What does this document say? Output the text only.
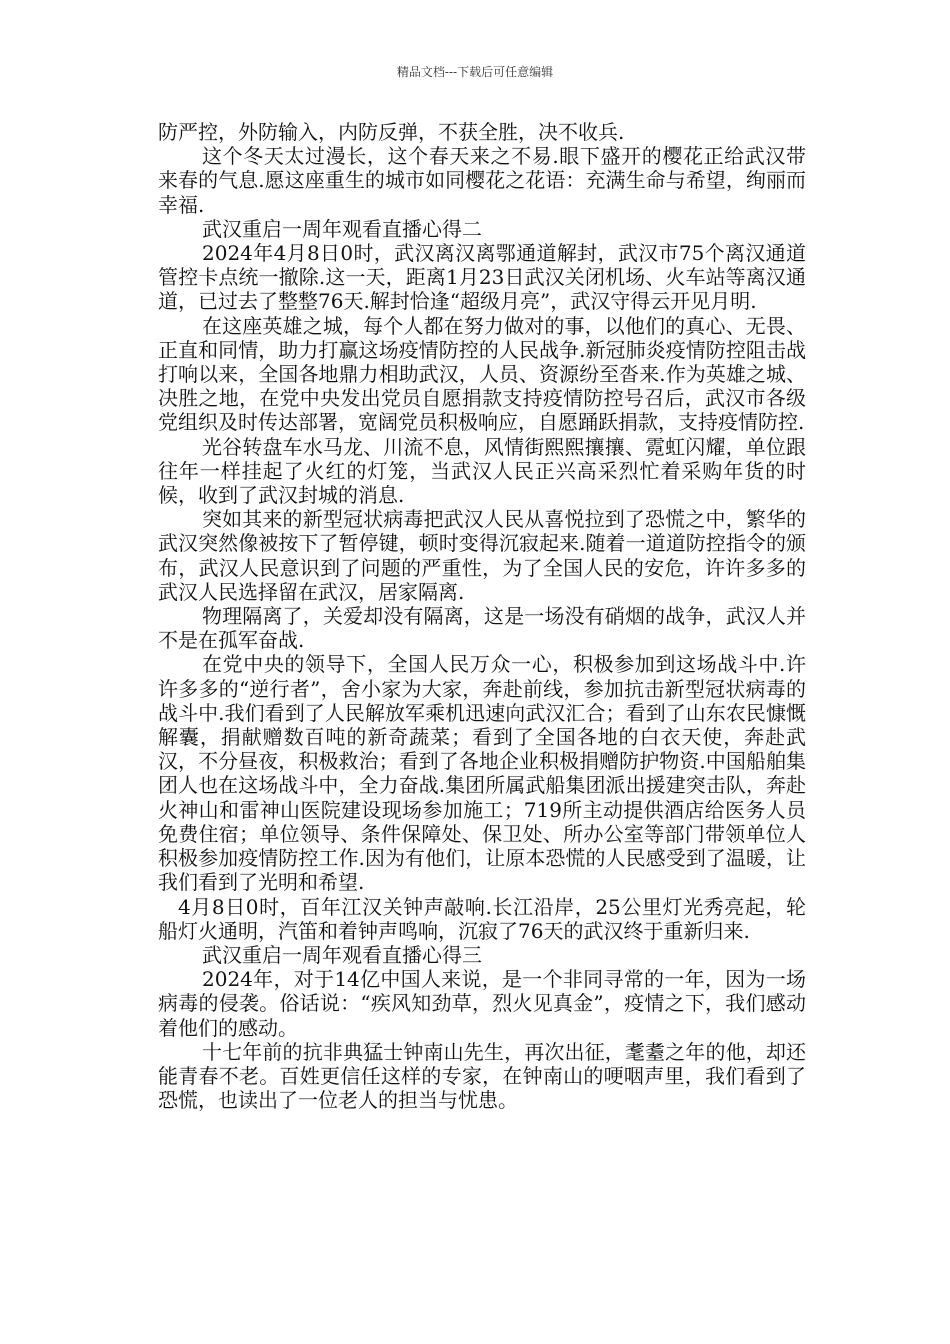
精品文档---下载后可任意编辑

防严控，外防输入，内防反弹，不获全胜，决不收兵.

这个冬天太过漫长，这个春天来之不易.眼下盛开的樱花正给武汉带来春的气息.愿这座重生的城市如同樱花之花语：充满生命与希望，绚丽而幸福.

武汉重启一周年观看直播心得二

2024年4月8日0时，武汉离汉离鄂通道解封，武汉市75个离汉通道管控卡点统一撤除.这一天，距离1月23日武汉关闭机场、火车站等离汉通道，已过去了整整76天.解封恰逢“超级月亮”，武汉守得云开见月明.

在这座英雄之城，每个人都在努力做对的事，以他们的真心、无畏、正直和同情，助力打赢这场疫情防控的人民战争.新冠肺炎疫情防控阻击战打响以来，全国各地鼎力相助武汉，人员、资源纷至沓来.作为英雄之城、决胜之地，在党中央发出党员自愿捐款支持疫情防控号召后，武汉市各级党组织及时传达部署，宽阔党员积极响应，自愿踊跃捐款，支持疫情防控.

光谷转盘车水马龙、川流不息，风情街熙熙攘攘、霓虹闪耀，单位跟往年一样挂起了火红的灯笼，当武汉人民正兴高采烈忙着采购年货的时候，收到了武汉封城的消息.

突如其来的新型冠状病毒把武汉人民从喜悦拉到了恐慌之中，繁华的武汉突然像被按下了暂停键，顿时变得沉寂起来.随着一道道防控指令的颁布，武汉人民意识到了问题的严重性，为了全国人民的安危，许许多多的武汉人民选择留在武汉，居家隔离.

物理隔离了，关爱却没有隔离，这是一场没有硝烟的战争，武汉人并不是在孤军奋战.

在党中央的领导下，全国人民万众一心，积极参加到这场战斗中.许许多多的“逆行者”，舍小家为大家，奔赴前线，参加抗击新型冠状病毒的战斗中.我们看到了人民解放军乘机迅速向武汉汇合；看到了山东农民慷慨解囊，捐献赠数百吨的新奇蔬菜；看到了全国各地的白衣天使，奔赴武汉，不分昼夜，积极救治；看到了各地企业积极捐赠防护物资.中国船舶集团人也在这场战斗中，全力奋战.集团所属武船集团派出援建突击队，奔赴火神山和雷神山医院建设现场参加施工；719所主动提供酒店给医务人员免费住宿；单位领导、条件保障处、保卫处、所办公室等部门带领单位人积极参加疫情防控工作.因为有他们，让原本恐慌的人民感受到了温暖，让我们看到了光明和希望.

4月8日0时，百年江汉关钟声敲响.长江沿岸，25公里灯光秀亮起，轮船灯火通明，汽笛和着钟声鸣响，沉寂了76天的武汉终于重新归来.

武汉重启一周年观看直播心得三

2024年，对于14亿中国人来说，是一个非同寻常的一年，因为一场病毒的侵袭。俗话说：“疾风知劲草，烈火见真金”，疫情之下，我们感动着他们的感动。

十七年前的抗非典猛士钟南山先生，再次出征，耄耋之年的他，却还能青春不老。百姓更信任这样的专家，在钟南山的哽咽声里，我们看到了恐慌，也读出了一位老人的担当与忧患。
